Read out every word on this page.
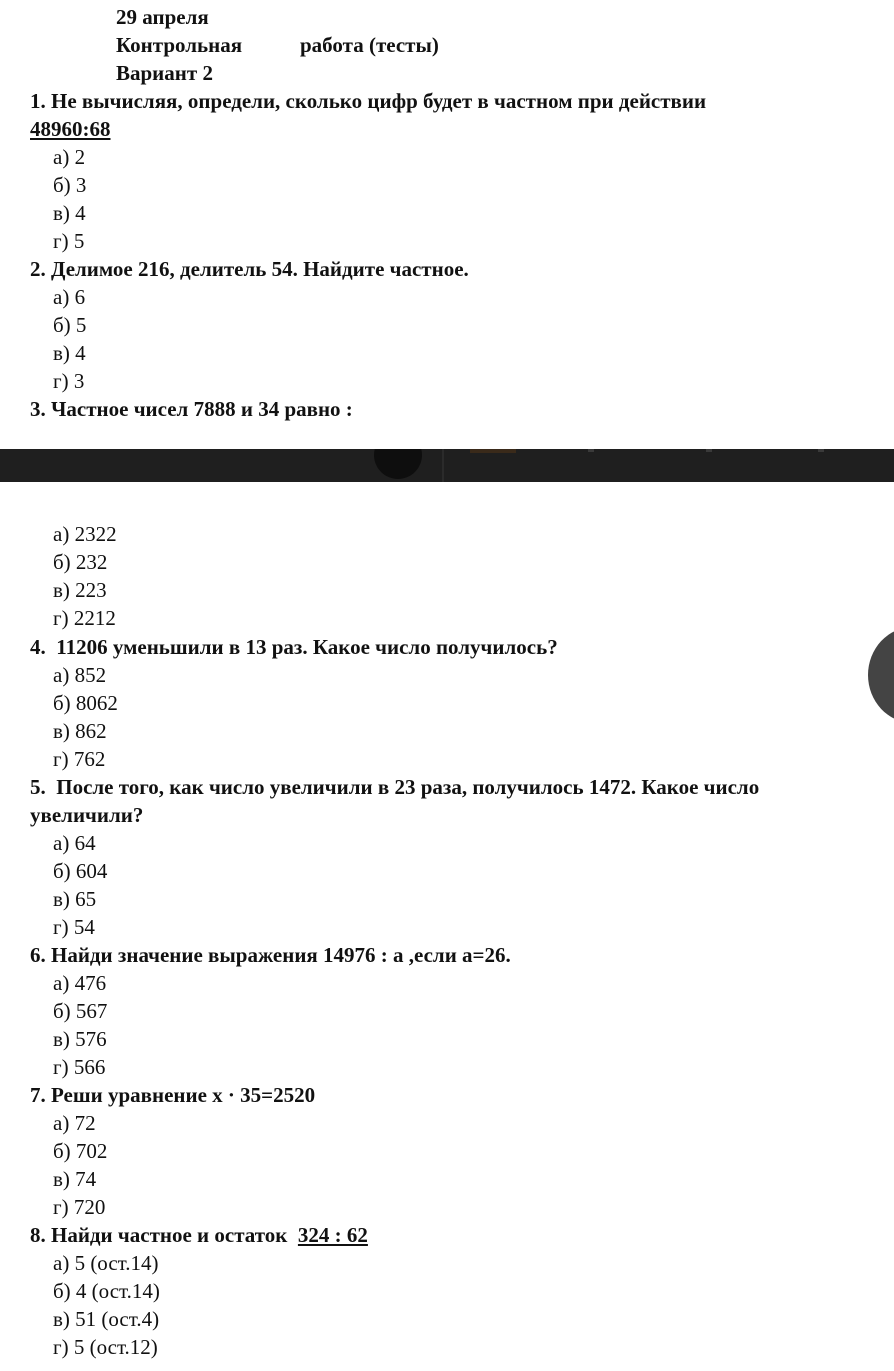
29 апреля
Контрольная	работа (тесты)
Вариант 2
1. Не вычисляя, определи, сколько цифр будет в частном при действии
48960:68
а) 2
б) 3
в) 4
г) 5
2. Делимое 216, делитель 54. Найдите частное.
а) 6
б) 5
в) 4
г) 3
3. Частное чисел 7888 и 34 равно :
а) 2322
б) 232
в) 223
г) 2212
4. 11206 уменьшили в 13 раз. Какое число получилось?
а) 852
б) 8062
в) 862
г) 762
5. После того, как число увеличили в 23 раза, получилось 1472. Какое число
увеличили?
а) 64
б) 604
в) 65
г) 54
6. Найди значение выражения 14976 : а ,если а=26.
а) 476
б) 567
в) 576
г) 566
7. Реши уравнение х · 35=2520
а) 72
б) 702
в) 74
г) 720
8. Найди частное и остаток 324 : 62
а) 5 (ост.14)
б) 4 (ост.14)
в) 51 (ост.4)
г) 5 (ост.12)
